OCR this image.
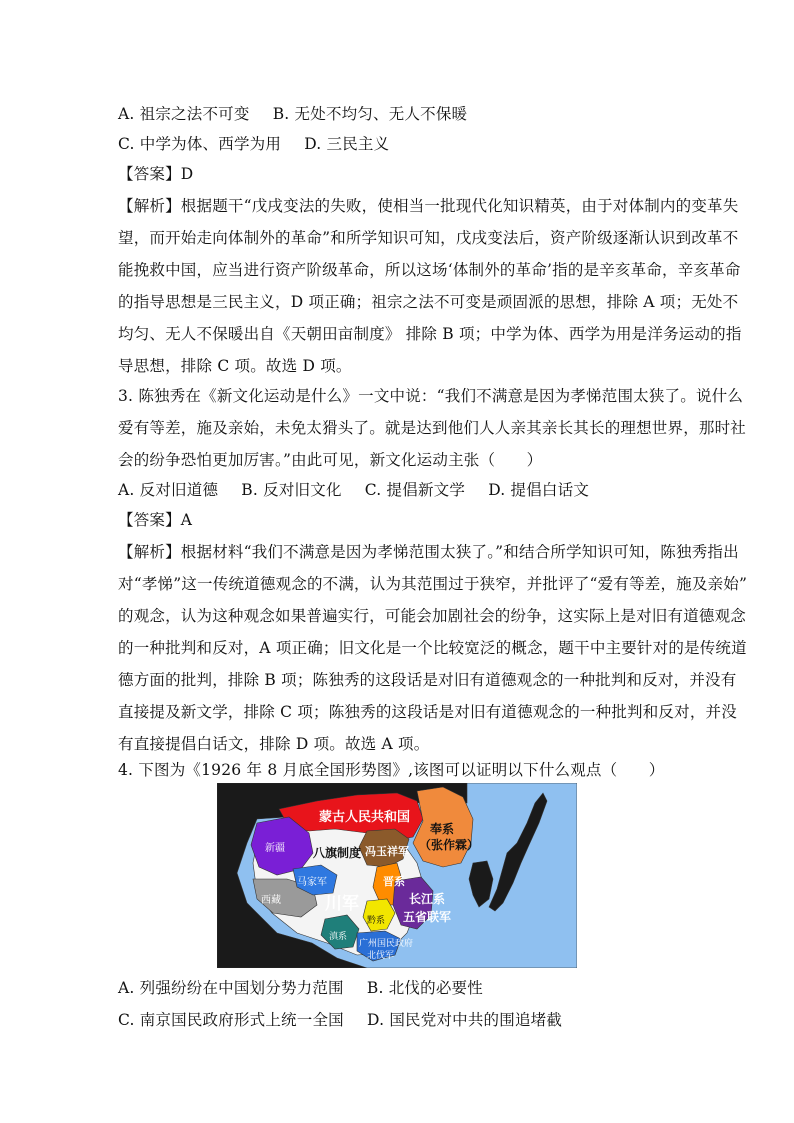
A. 祖宗之法不可变 B. 无处不均匀、无人不保暖
C. 中学为体、西学为用 D. 三民主义
【答案】D
【解析】根据题干“戊戌变法的失败，使相当一批现代化知识精英，由于对体制内的变革失
望，而开始走向体制外的革命”和所学知识可知，戊戌变法后，资产阶级逐渐认识到改革不
能挽救中国，应当进行资产阶级革命，所以这场‘体制外的革命’指的是辛亥革命，辛亥革命
的指导思想是三民主义，D 项正确；祖宗之法不可变是顽固派的思想，排除 A 项；无处不
均匀、无人不保暖出自《天朝田亩制度》 排除 B 项；中学为体、西学为用是洋务运动的指
导思想，排除 C 项。故选 D 项。
3. 陈独秀在《新文化运动是什么》一文中说：“我们不满意是因为孝悌范围太狭了。说什么
爱有等差，施及亲始，未免太猾头了。就是达到他们人人亲其亲长其长的理想世界，那时社
会的纷争恐怕更加厉害。”由此可见，新文化运动主张（　　）
A. 反对旧道德 B. 反对旧文化 C. 提倡新文学 D. 提倡白话文
【答案】A
【解析】根据材料“我们不满意是因为孝悌范围太狭了。”和结合所学知识可知，陈独秀指出
对“孝悌”这一传统道德观念的不满，认为其范围过于狭窄，并批评了“爱有等差，施及亲始”
的观念，认为这种观念如果普遍实行，可能会加剧社会的纷争，这实际上是对旧有道德观念
的一种批判和反对，A 项正确；旧文化是一个比较宽泛的概念，题干中主要针对的是传统道
德方面的批判，排除 B 项；陈独秀的这段话是对旧有道德观念的一种批判和反对，并没有
直接提及新文学，排除 C 项；陈独秀的这段话是对旧有道德观念的一种批判和反对，并没
有直接提倡白话文，排除 D 项。故选 A 项。
4. 下图为《1926 年 8 月底全国形势图》,该图可以证明以下什么观点（　　）
蒙古人民共和国
新疆
奉系
（张作霖）
冯玉祥军
八旗制度
马家军
西藏	川军
晋系
长江系
五省联军
滇系
黔系
广州国民政府
北伐军
A. 列强纷纷在中国划分势力范围 B. 北伐的必要性
C. 南京国民政府形式上统一全国 D. 国民党对中共的围追堵截
